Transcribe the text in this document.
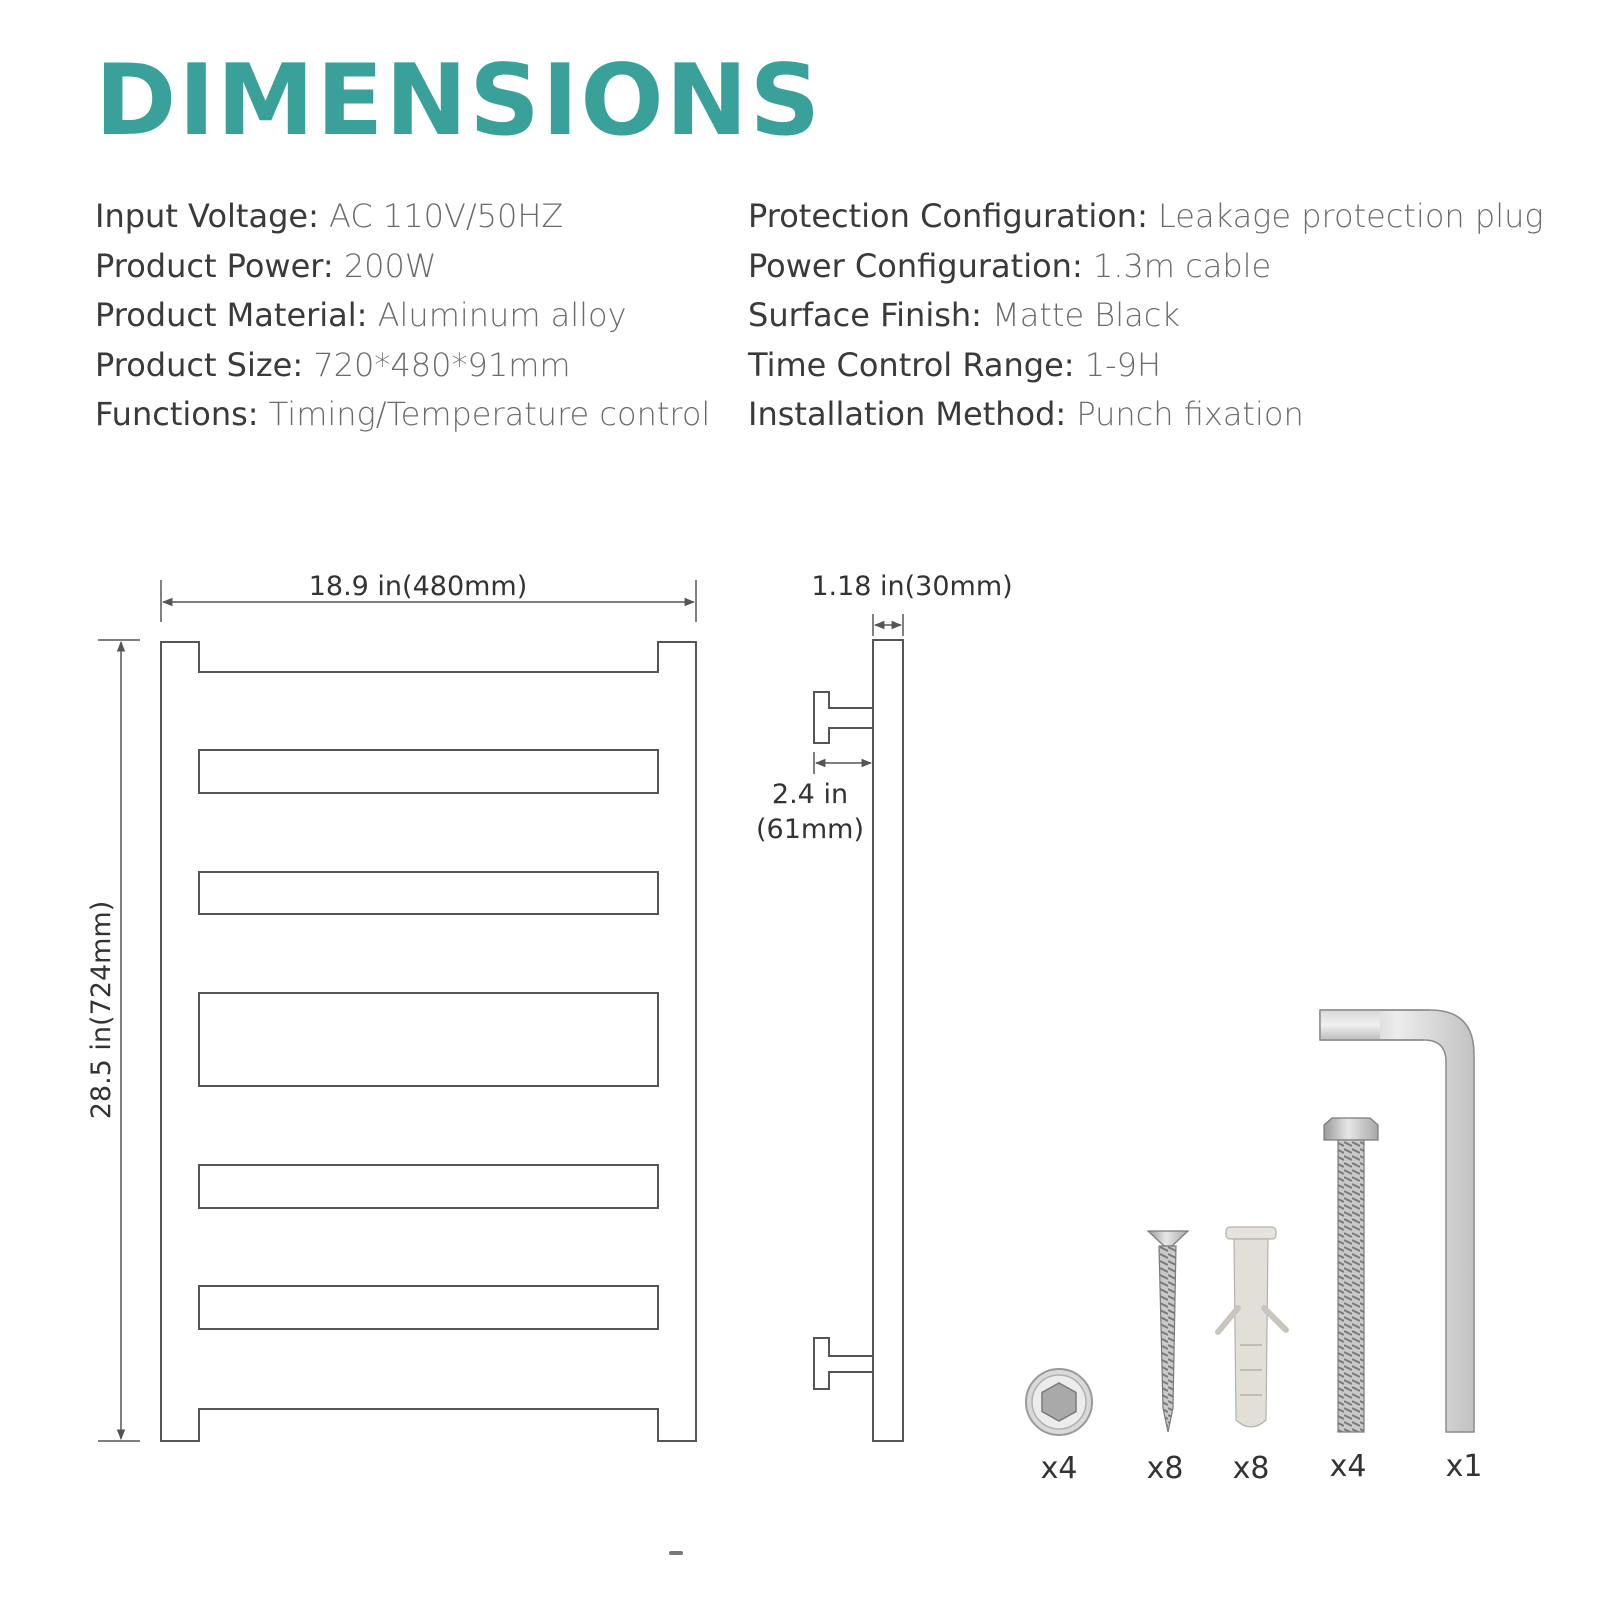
DIMENSIONS
Input Voltage: AC 110V/50HZ
Product Power: 200W
Product Material: Aluminum alloy
Product Size: 720*480*91mm
Functions: Timing/Temperature control
Protection Configuration: Leakage protection plug
Power Configuration: 1.3m cable
Surface Finish: Matte Black
Time Control Range: 1-9H
Installation Method: Punch fixation
18.9 in(480mm)
28.5 in(724mm)
1.18 in(30mm)
2.4 in
(61mm)
x4 x8 x8 x4	x1
